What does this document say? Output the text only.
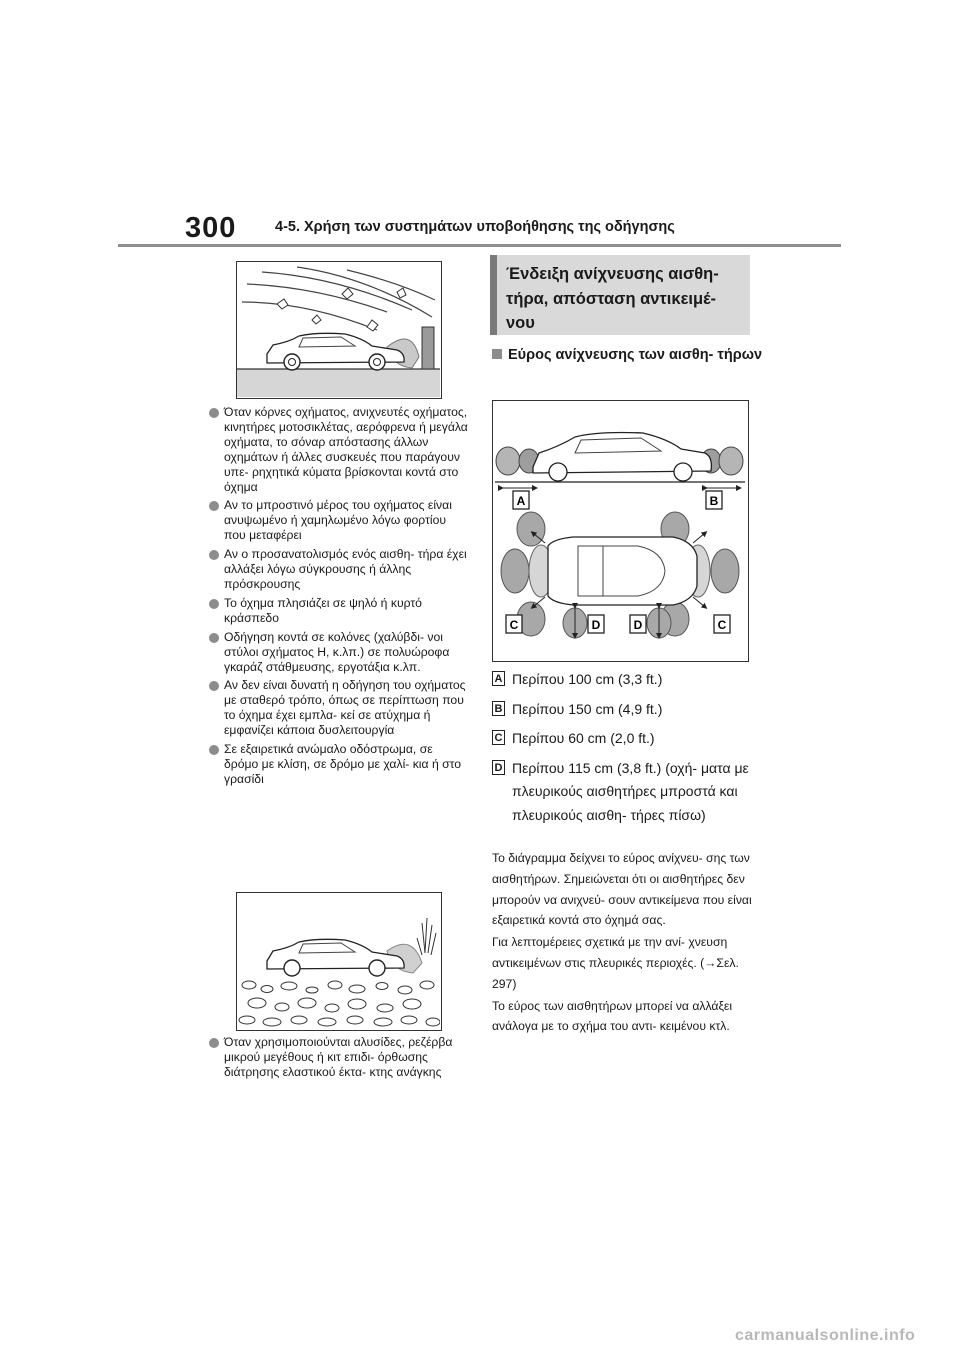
300	4-5. Χρήση των συστημάτων υποβοήθησης της οδήγησης
Όταν κόρνες οχήματος, ανιχνευτές οχήματος, κινητήρες μοτοσικλέτας, αερόφρενα ή μεγάλα οχήματα, το σόναρ απόστασης άλλων οχημάτων ή άλλες συσκευές που παράγουν υπε- ρηχητικά κύματα βρίσκονται κοντά στο όχημα
Αν το μπροστινό μέρος του οχήματος είναι ανυψωμένο ή χαμηλωμένο λόγω φορτίου που μεταφέρει
Αν ο προσανατολισμός ενός αισθη- τήρα έχει αλλάξει λόγω σύγκρουσης ή άλλης πρόσκρουσης
Το όχημα πλησιάζει σε ψηλό ή κυρτό κράσπεδο
Οδήγηση κοντά σε κολόνες (χαλύβδι- νοι στύλοι σχήματος H, κ.λπ.) σε πολυώροφα γκαράζ στάθμευσης, εργοτάξια κ.λπ.
Αν δεν είναι δυνατή η οδήγηση του οχήματος με σταθερό τρόπο, όπως σε περίπτωση που το όχημα έχει εμπλα- κεί σε ατύχημα ή εμφανίζει κάποια δυσλειτουργία
Σε εξαιρετικά ανώμαλο οδόστρωμα, σε δρόμο με κλίση, σε δρόμο με χαλί- κια ή στο γρασίδι
Όταν χρησιμοποιούνται αλυσίδες, ρεζέρβα μικρού μεγέθους ή κιτ επιδι- όρθωσης διάτρησης ελαστικού έκτα- κτης ανάγκης
Ένδειξη ανίχνευσης αισθη- τήρα, απόσταση αντικειμέ- νου
Εύρος ανίχνευσης των αισθη- τήρων
A	B
C	D	D	C
A Περίπου 100 cm (3,3 ft.)
B Περίπου 150 cm (4,9 ft.)
C Περίπου 60 cm (2,0 ft.)
D Περίπου 115 cm (3,8 ft.) (οχή- ματα με πλευρικούς αισθητήρες μπροστά και πλευρικούς αισθη- τήρες πίσω)

Το διάγραμμα δείχνει το εύρος ανίχνευ- σης των αισθητήρων. Σημειώνεται ότι οι αισθητήρες δεν μπορούν να ανιχνεύ- σουν αντικείμενα που είναι εξαιρετικά κοντά στο όχημά σας.

Για λεπτομέρειες σχετικά με την ανί- χνευση αντικειμένων στις πλευρικές περιοχές. (→Σελ. 297)

Το εύρος των αισθητήρων μπορεί να αλλάξει ανάλογα με το σχήμα του αντι- κειμένου κτλ.

carmanualsonline.info
